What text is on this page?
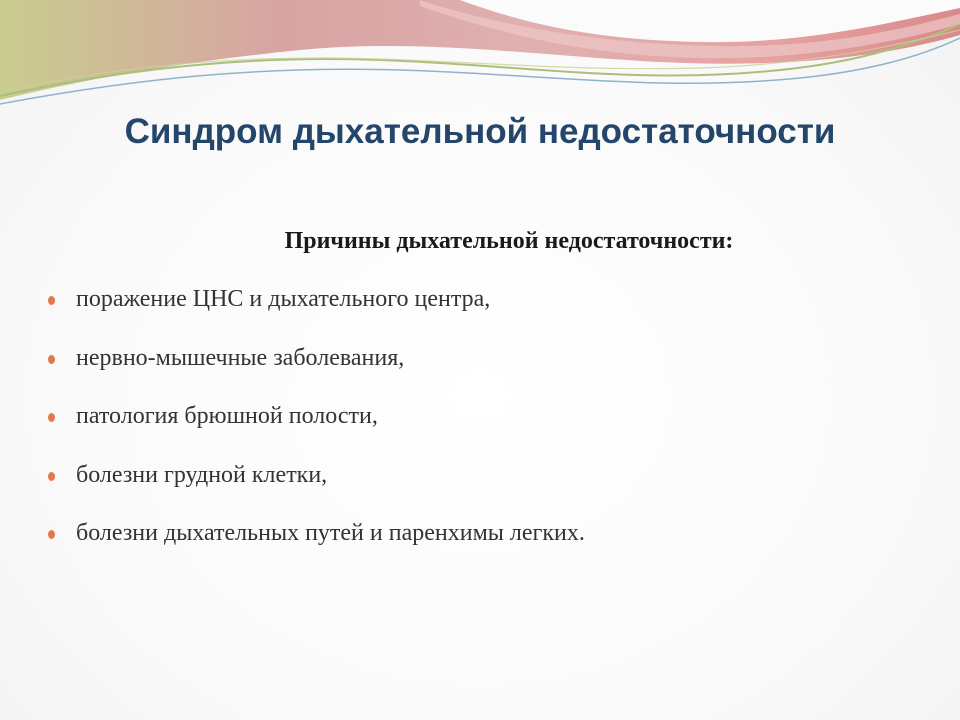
Синдром дыхательной недостаточности
Причины дыхательной недостаточности:
поражение ЦНС и дыхательного центра,
нервно-мышечные заболевания,
патология брюшной полости,
болезни грудной клетки,
болезни дыхательных путей и паренхимы легких.
